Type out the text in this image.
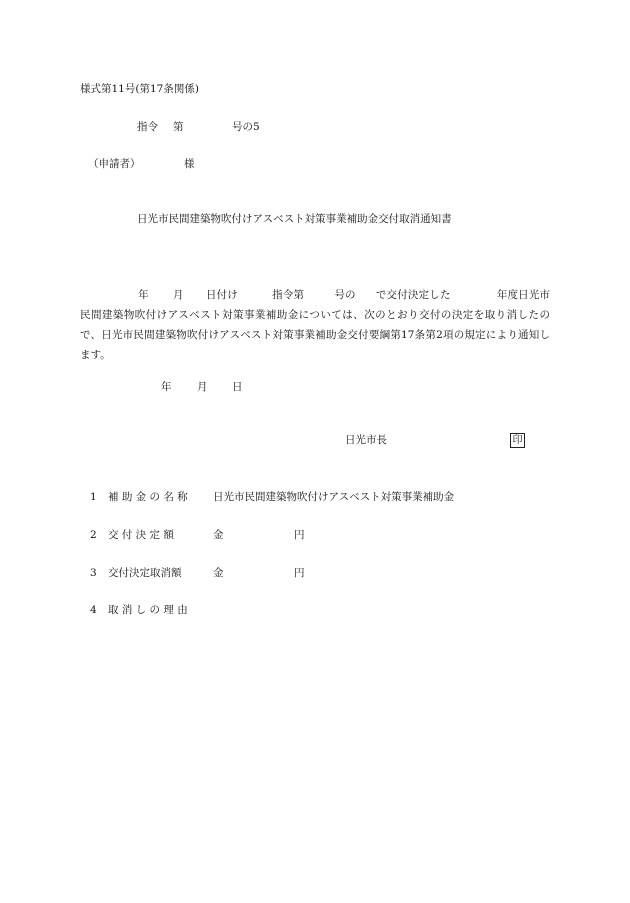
様式第11号(第17条関係)
指令 第	号の5
（申請者）	様
日光市民間建築物吹付けアスベスト対策事業補助金交付取消通知書

年 月 日付け	指令第	号の で交付決定した	年度日光市民間建築物吹付けアスベスト対策事業補助金については、次のとおり交付の決定を取り消したので、日光市民間建築物吹付けアスベスト対策事業補助金交付要綱第17条第2項の規定により通知します。

年 月 日
日光市長	印
1 補 助 金 の 名 称 日光市民間建築物吹付けアスベスト対策事業補助金
2 交 付 決 定 額	金	円
3 交付決定取消額	金	円
4 取 消 し の 理 由
